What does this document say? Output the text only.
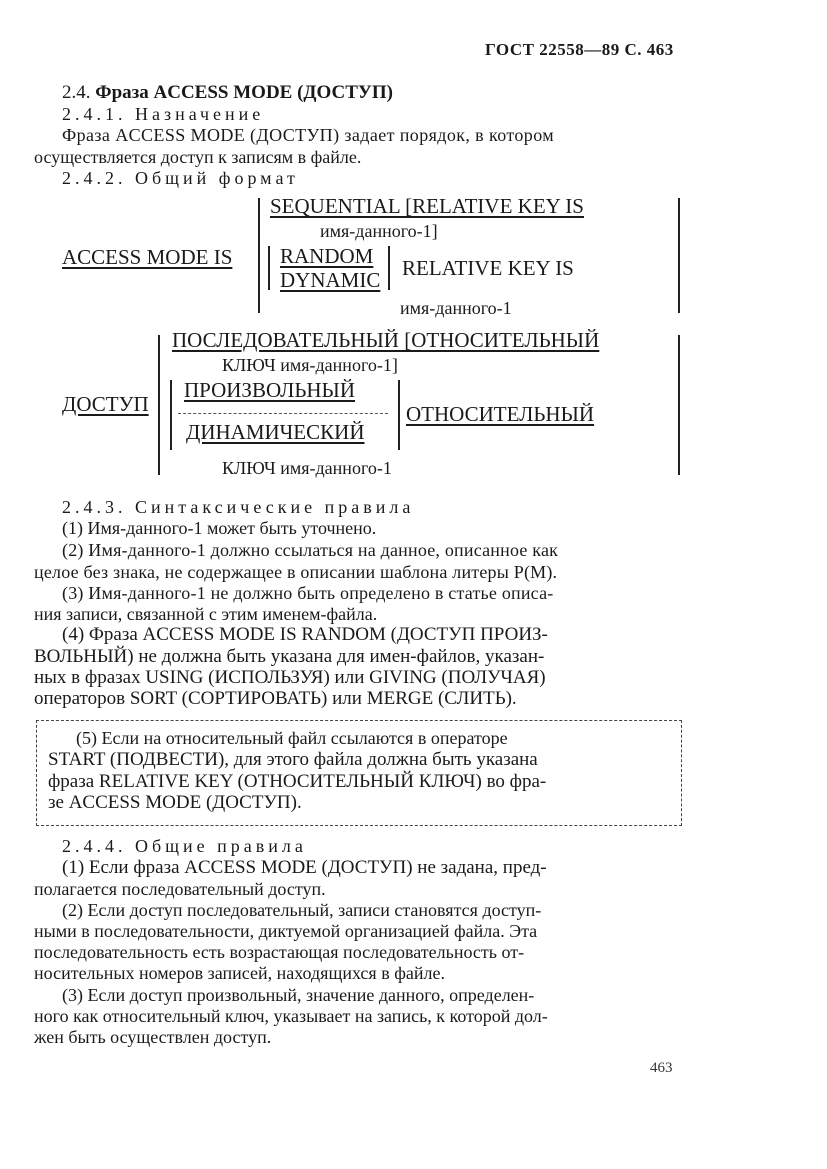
ГОСТ 22558—89 С. 463
2.4. Фраза ACCESS MODE (ДОСТУП)
2.4.1. Назначение
Фраза ACCESS MODE (ДОСТУП) задает порядок, в котором
осуществляется доступ к записям в файле.
2.4.2. Общий формат
ACCESS MODE IS
SEQUENTIAL [RELATIVE KEY IS
имя-данного-1]
RANDOM
DYNAMIC RELATIVE KEY IS
имя-данного-1
ДОСТУП
ПОСЛЕДОВАТЕЛЬНЫЙ [ОТНОСИТЕЛЬНЫЙ
КЛЮЧ имя-данного-1]
ПРОИЗВОЛЬНЫЙ
ДИНАМИЧЕСКИЙ
ОТНОСИТЕЛЬНЫЙ
КЛЮЧ имя-данного-1
2.4.3. Синтаксические правила
(1) Имя-данного-1 может быть уточнено.
(2) Имя-данного-1 должно ссылаться на данное, описанное как
целое без знака, не содержащее в описании шаблона литеры P(M).
(3) Имя-данного-1 не должно быть определено в статье описа-
ния записи, связанной с этим именем-файла.
(4) Фраза ACCESS MODE IS RANDOM (ДОСТУП ПРОИЗ-
ВОЛЬНЫЙ) не должна быть указана для имен-файлов, указан-
ных в фразах USING (ИСПОЛЬЗУЯ) или GIVING (ПОЛУЧАЯ)
операторов SORT (СОРТИРОВАТЬ) или MERGE (СЛИТЬ).
(5) Если на относительный файл ссылаются в операторе
START (ПОДВЕСТИ), для этого файла должна быть указана
фраза RELATIVE KEY (ОТНОСИТЕЛЬНЫЙ КЛЮЧ) во фра-
зе ACCESS MODE (ДОСТУП).
2.4.4. Общие правила
(1) Если фраза ACCESS MODE (ДОСТУП) не задана, пред-
полагается последовательный доступ.
(2) Если доступ последовательный, записи становятся доступ-
ными в последовательности, диктуемой организацией файла. Эта
последовательность есть возрастающая последовательность от-
носительных номеров записей, находящихся в файле.
(3) Если доступ произвольный, значение данного, определен-
ного как относительный ключ, указывает на запись, к которой дол-
жен быть осуществлен доступ.
463
